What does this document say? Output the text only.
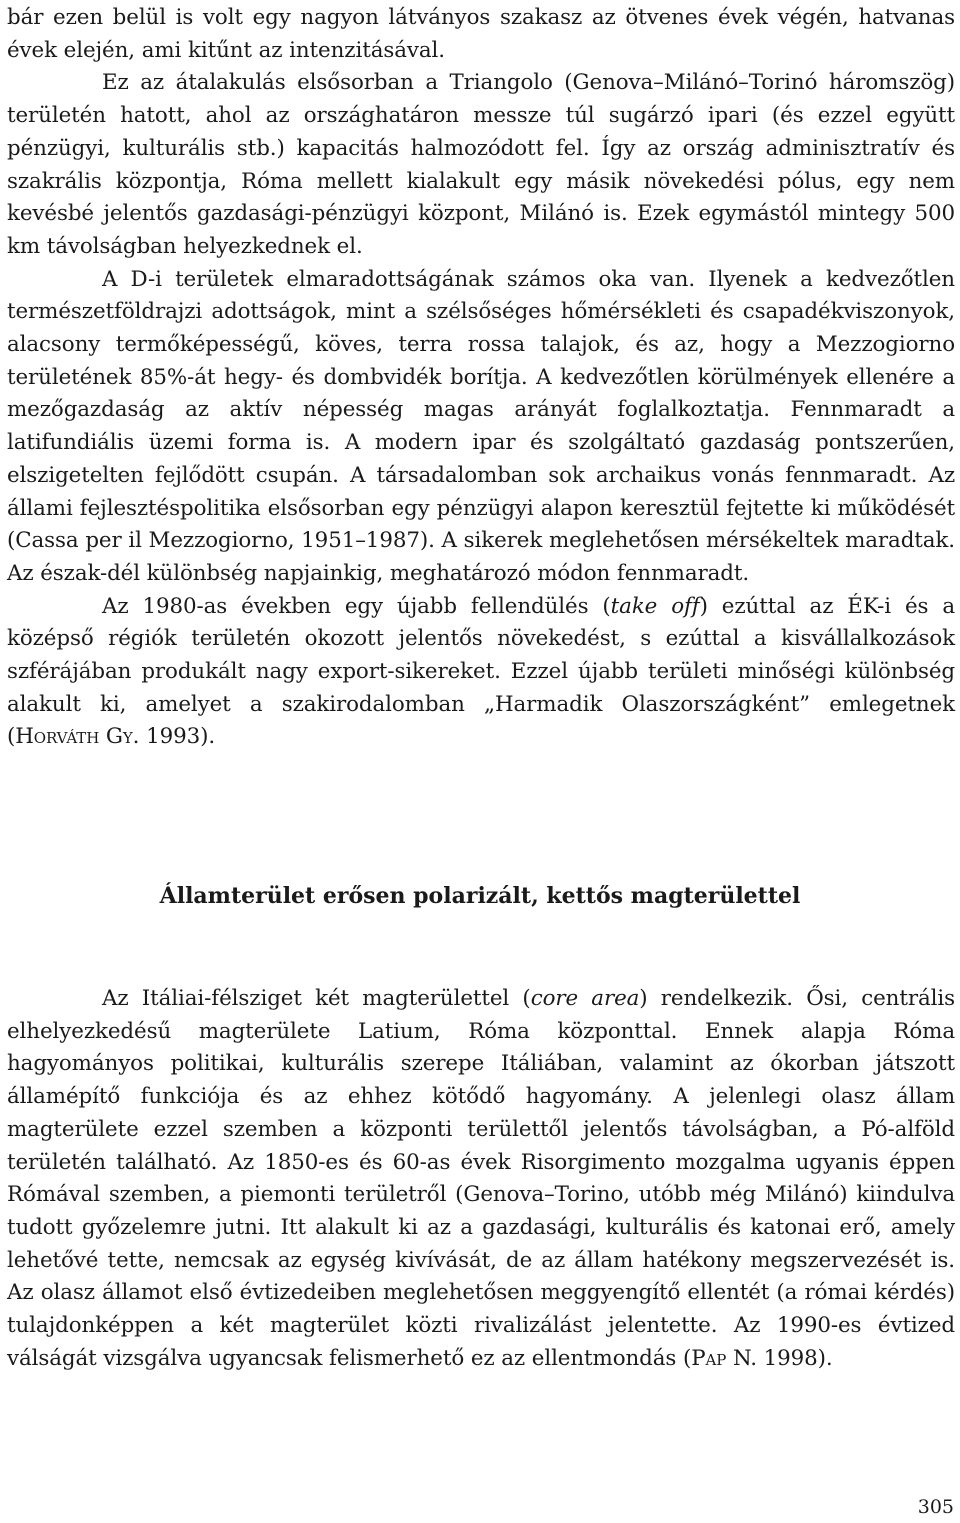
bár ezen belül is volt egy nagyon látványos szakasz az ötvenes évek végén, hatvanas évek elején, ami kitűnt az intenzitásával.

Ez az átalakulás elsősorban a Triangolo (Genova–Milánó–Torinó háromszög) területén hatott, ahol az országhatáron messze túl sugárzó ipari (és ezzel együtt pénzügyi, kulturális stb.) kapacitás halmozódott fel. Így az ország adminisztratív és szakrális központja, Róma mellett kialakult egy másik növekedési pólus, egy nem kevésbé jelentős gazdasági-pénzügyi központ, Milánó is. Ezek egymástól mintegy 500 km távolságban helyezkednek el.

A D-i területek elmaradottságának számos oka van. Ilyenek a kedvezőtlen természetföldrajzi adottságok, mint a szélsőséges hőmérsékleti és csapadékviszonyok, alacsony termőképességű, köves, terra rossa talajok, és az, hogy a Mezzogiorno területének 85%-át hegy- és dombvidék borítja. A kedvezőtlen körülmények ellenére a mezőgazdaság az aktív népesség magas arányát foglalkoztatja. Fennmaradt a latifundiális üzemi forma is. A modern ipar és szolgáltató gazdaság pontszerűen, elszigetelten fejlődött csupán. A társadalomban sok archaikus vonás fennmaradt. Az állami fejlesztéspolitika elsősorban egy pénzügyi alapon keresztül fejtette ki működését (Cassa per il Mezzogiorno, 1951–1987). A sikerek meglehetősen mérsékeltek maradtak. Az észak-dél különbség napjainkig, meghatározó módon fennmaradt.

Az 1980-as években egy újabb fellendülés (take off) ezúttal az ÉK-i és a középső régiók területén okozott jelentős növekedést, s ezúttal a kisvállalkozások szférájában produkált nagy export-sikereket. Ezzel újabb területi minőségi különbség alakult ki, amelyet a szakirodalomban „Harmadik Olaszországként” emlegetnek (Horváth Gy. 1993).

Államterület erősen polarizált, kettős magterülettel

Az Itáliai-félsziget két magterülettel (core area) rendelkezik. Ősi, centrális elhelyezkedésű magterülete Latium, Róma központtal. Ennek alapja Róma hagyományos politikai, kulturális szerepe Itáliában, valamint az ókorban játszott államépítő funkciója és az ehhez kötődő hagyomány. A jelenlegi olasz állam magterülete ezzel szemben a központi területtől jelentős távolságban, a Pó-alföld területén található. Az 1850-es és 60-as évek Risorgimento mozgalma ugyanis éppen Rómával szemben, a piemonti területről (Genova–Torino, utóbb még Milánó) kiindulva tudott győzelemre jutni. Itt alakult ki az a gazdasági, kulturális és katonai erő, amely lehetővé tette, nemcsak az egység kivívását, de az állam hatékony megszervezését is. Az olasz államot első évtizedeiben meglehetősen meggyengítő ellentét (a római kérdés) tulajdonképpen a két magterület közti rivalizálást jelentette. Az 1990-es évtized válságát vizsgálva ugyancsak felismerhető ez az ellentmondás (Pap N. 1998).

305
